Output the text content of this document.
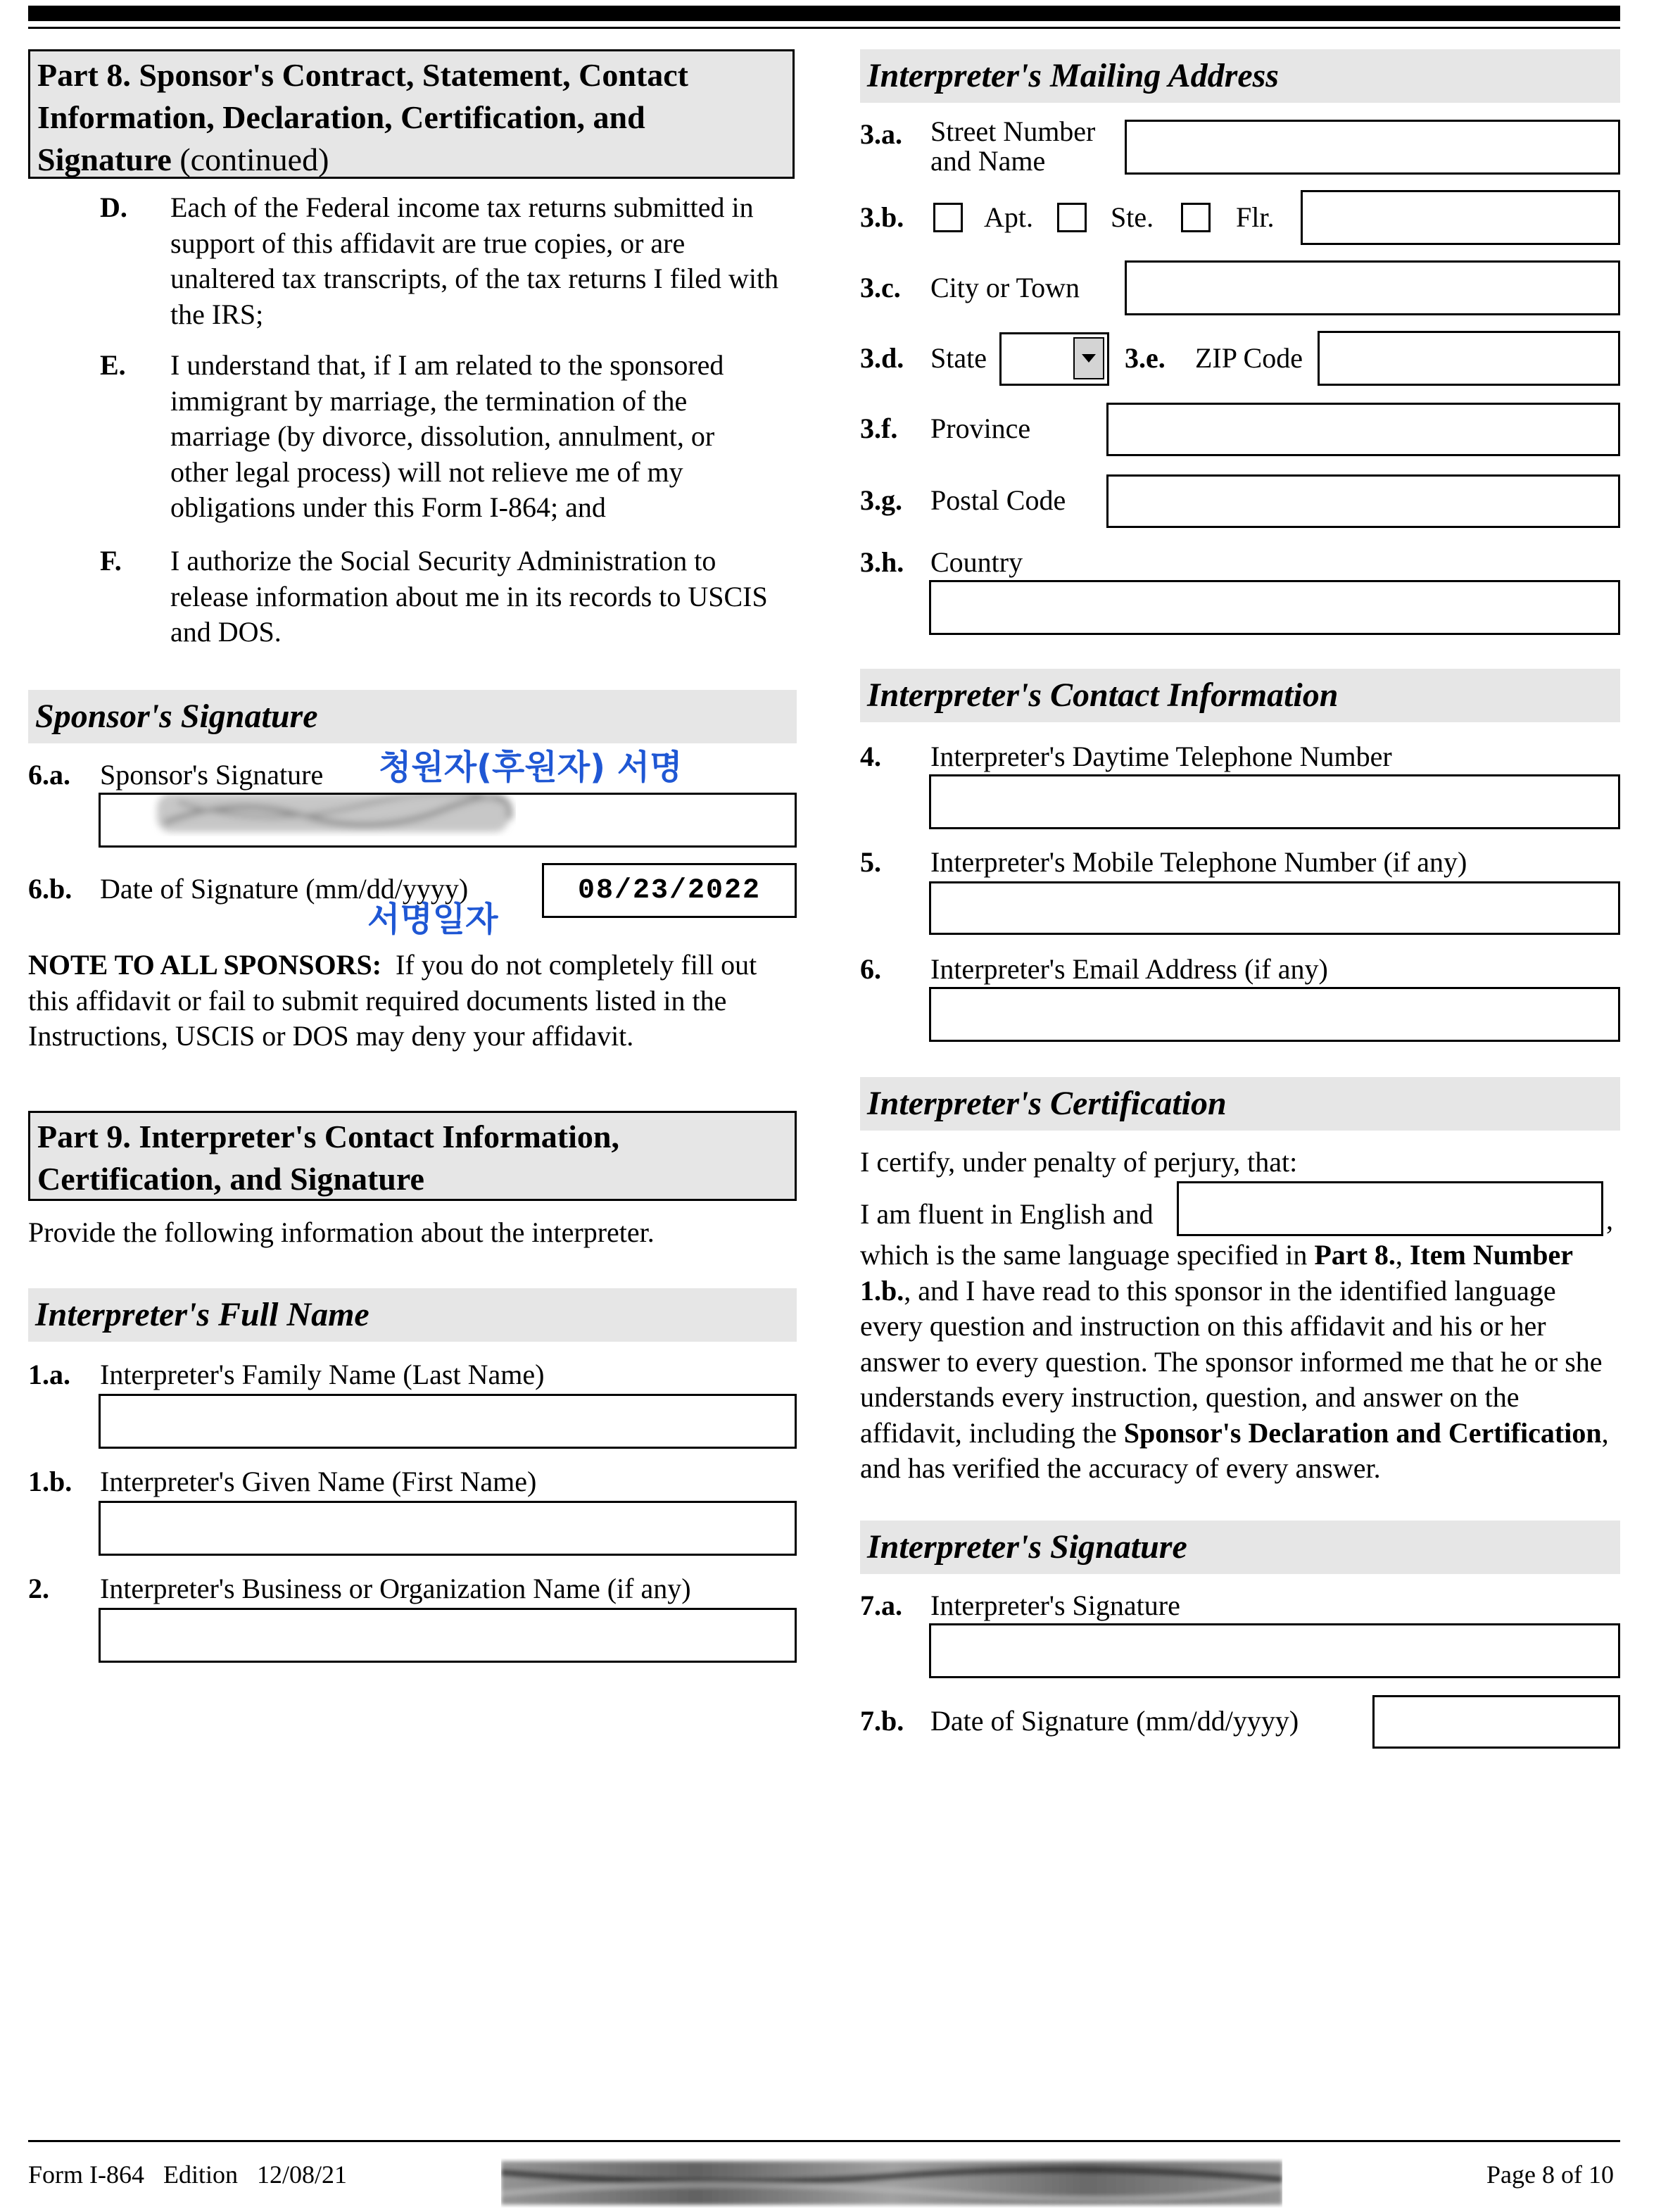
Part 8. Sponsor's Contract, Statement, Contact Information, Declaration, Certification, and Signature (continued)
D. Each of the Federal income tax returns submitted in support of this affidavit are true copies, or are unaltered tax transcripts, of the tax returns I filed with the IRS;
E. I understand that, if I am related to the sponsored immigrant by marriage, the termination of the marriage (by divorce, dissolution, annulment, or other legal process) will not relieve me of my obligations under this Form I-864; and
F. I authorize the Social Security Administration to release information about me in its records to USCIS and DOS.
Sponsor's Signature
6.a. Sponsor's Signature 청원자(후원자) 서명
6.b. Date of Signature (mm/dd/yyyy)
서명일자
08/23/2022
NOTE TO ALL SPONSORS: If you do not completely fill out this affidavit or fail to submit required documents listed in the Instructions, USCIS or DOS may deny your affidavit.
Part 9. Interpreter's Contact Information, Certification, and Signature
Provide the following information about the interpreter.
Interpreter's Full Name
1.a. Interpreter's Family Name (Last Name)
1.b. Interpreter's Given Name (First Name)
2. Interpreter's Business or Organization Name (if any)
Interpreter's Mailing Address
3.a. Street Number
and Name
3.b.	Apt.	Ste.	Flr.
3.c. City or Town
3.d. State	3.e. ZIP Code
3.f. Province
3.g. Postal Code
3.h. Country
Interpreter's Contact Information
4. Interpreter's Daytime Telephone Number
5. Interpreter's Mobile Telephone Number (if any)
6. Interpreter's Email Address (if any)
Interpreter's Certification
I certify, under penalty of perjury, that:
I am fluent in English and	,
which is the same language specified in Part 8., Item Number 1.b., and I have read to this sponsor in the identified language every question and instruction on this affidavit and his or her answer to every question. The sponsor informed me that he or she understands every instruction, question, and answer on the affidavit, including the Sponsor's Declaration and Certification, and has verified the accuracy of every answer.
Interpreter's Signature
7.a. Interpreter's Signature
7.b. Date of Signature (mm/dd/yyyy)
Form I-864   Edition   12/08/21	Page 8 of 10
